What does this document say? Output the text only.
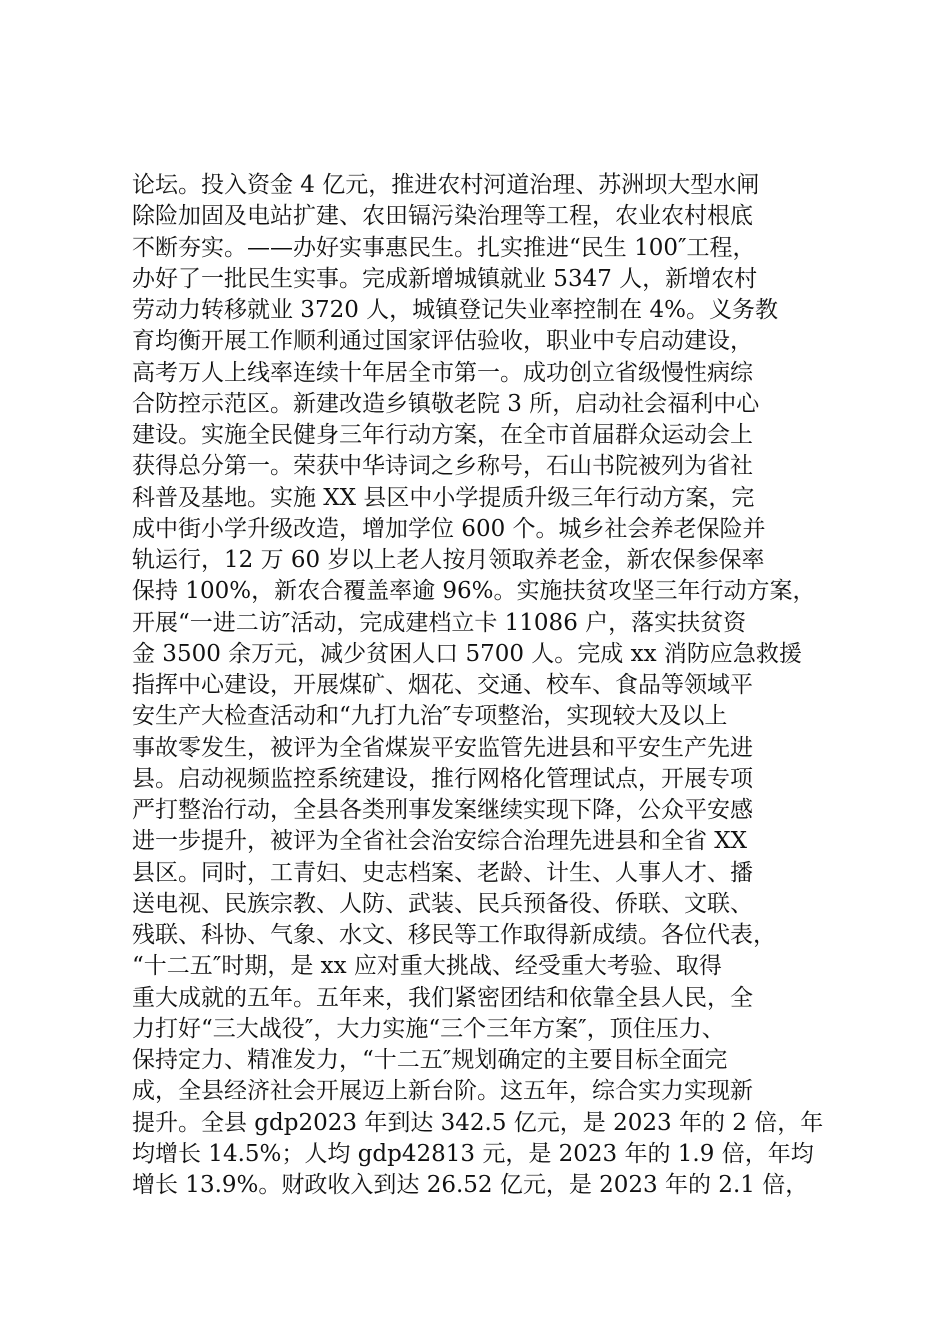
论坛。投入资金 4 亿元，推进农村河道治理、苏洲坝大型水闸
除险加固及电站扩建、农田镉污染治理等工程，农业农村根底
不断夯实。——办好实事惠民生。扎实推进“民生 100″工程，
办好了一批民生实事。完成新增城镇就业 5347 人，新增农村
劳动力转移就业 3720 人，城镇登记失业率控制在 4%。义务教
育均衡开展工作顺利通过国家评估验收，职业中专启动建设，
高考万人上线率连续十年居全市第一。成功创立省级慢性病综
合防控示范区。新建改造乡镇敬老院 3 所，启动社会福利中心
建设。实施全民健身三年行动方案，在全市首届群众运动会上
获得总分第一。荣获中华诗词之乡称号，石山书院被列为省社
科普及基地。实施 XX 县区中小学提质升级三年行动方案，完
成中街小学升级改造，增加学位 600 个。城乡社会养老保险并
轨运行，12 万 60 岁以上老人按月领取养老金，新农保参保率
保持 100%，新农合覆盖率逾 96%。实施扶贫攻坚三年行动方案，
开展“一进二访″活动，完成建档立卡 11086 户，落实扶贫资
金 3500 余万元，减少贫困人口 5700 人。完成 xx 消防应急救援
指挥中心建设，开展煤矿、烟花、交通、校车、食品等领域平
安生产大检查活动和“九打九治″专项整治，实现较大及以上
事故零发生，被评为全省煤炭平安监管先进县和平安生产先进
县。启动视频监控系统建设，推行网格化管理试点，开展专项
严打整治行动，全县各类刑事发案继续实现下降，公众平安感
进一步提升，被评为全省社会治安综合治理先进县和全省 XX
县区。同时，工青妇、史志档案、老龄、计生、人事人才、播
送电视、民族宗教、人防、武装、民兵预备役、侨联、文联、
残联、科协、气象、水文、移民等工作取得新成绩。各位代表，
“十二五″时期，是 xx 应对重大挑战、经受重大考验、取得
重大成就的五年。五年来，我们紧密团结和依靠全县人民，全
力打好“三大战役″，大力实施“三个三年方案″，顶住压力、
保持定力、精准发力，“十二五″规划确定的主要目标全面完
成，全县经济社会开展迈上新台阶。这五年，综合实力实现新
提升。全县 gdp2023 年到达 342.5 亿元，是 2023 年的 2 倍，年
均增长 14.5%；人均 gdp42813 元，是 2023 年的 1.9 倍，年均
增长 13.9%。财政收入到达 26.52 亿元，是 2023 年的 2.1 倍，
